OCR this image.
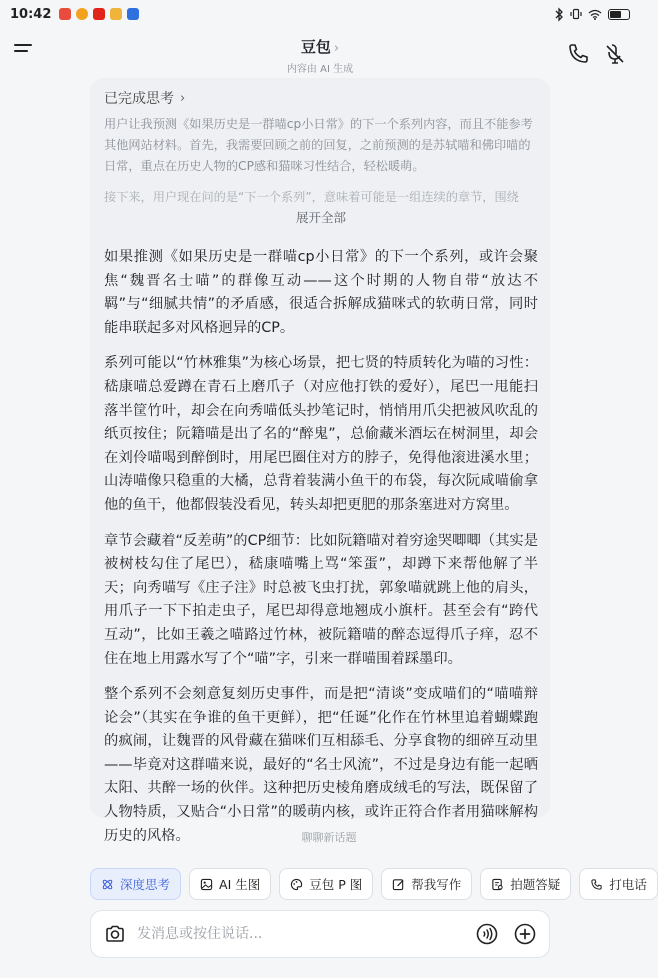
10:42
豆包 ›
内容由 AI 生成
已完成思考 ›
用户让我预测《如果历史是一群喵cp小日常》的下一个系列内容，而且不能参考其他网站材料。首先，我需要回顾之前的回复，之前预测的是苏轼喵和佛印喵的日常，重点在历史人物的CP感和猫咪习性结合，轻松暖萌。
接下来，用户现在问的是“下一个系列”，意味着可能是一组连续的章节，围绕
展开全部

如果推测《如果历史是一群喵cp小日常》的下一个系列，或许会聚焦“魏晋名士喵”的群像互动——这个时期的人物自带“放达不羁”与“细腻共情”的矛盾感，很适合拆解成猫咪式的软萌日常，同时能串联起多对风格迥异的CP。

系列可能以“竹林雅集”为核心场景，把七贤的特质转化为喵的习性：嵇康喵总爱蹲在青石上磨爪子（对应他打铁的爱好），尾巴一甩能扫落半筐竹叶，却会在向秀喵低头抄笔记时，悄悄用爪尖把被风吹乱的纸页按住；阮籍喵是出了名的“醉鬼”，总偷藏米酒坛在树洞里，却会在刘伶喵喝到醉倒时，用尾巴圈住对方的脖子，免得他滚进溪水里；山涛喵像只稳重的大橘，总背着装满小鱼干的布袋，每次阮咸喵偷拿他的鱼干，他都假装没看见，转头却把更肥的那条塞进对方窝里。

章节会藏着“反差萌”的CP细节：比如阮籍喵对着穷途哭唧唧（其实是被树枝勾住了尾巴），嵇康喵嘴上骂“笨蛋”，却蹲下来帮他解了半天；向秀喵写《庄子注》时总被飞虫打扰，郭象喵就跳上他的肩头，用爪子一下下拍走虫子，尾巴却得意地翘成小旗杆。甚至会有“跨代互动”，比如王羲之喵路过竹林，被阮籍喵的醉态逗得爪子痒，忍不住在地上用露水写了个“喵”字，引来一群喵围着踩墨印。

整个系列不会刻意复刻历史事件，而是把“清谈”变成喵们的“喵喵辩论会”（其实在争谁的鱼干更鲜），把“任诞”化作在竹林里追着蝴蝶跑的疯闹，让魏晋的风骨藏在猫咪们互相舔毛、分享食物的细碎互动里——毕竟对这群喵来说，最好的“名士风流”，不过是身边有能一起晒太阳、共醉一场的伙伴。这种把历史棱角磨成绒毛的写法，既保留了人物特质，又贴合“小日常”的暖萌内核，或许正符合作者用猫咪解构历史的风格。	聊聊新话题
深度思考	AI 生图	豆包 P 图	帮我写作	拍题答疑	打电话
发消息或按住说话...
